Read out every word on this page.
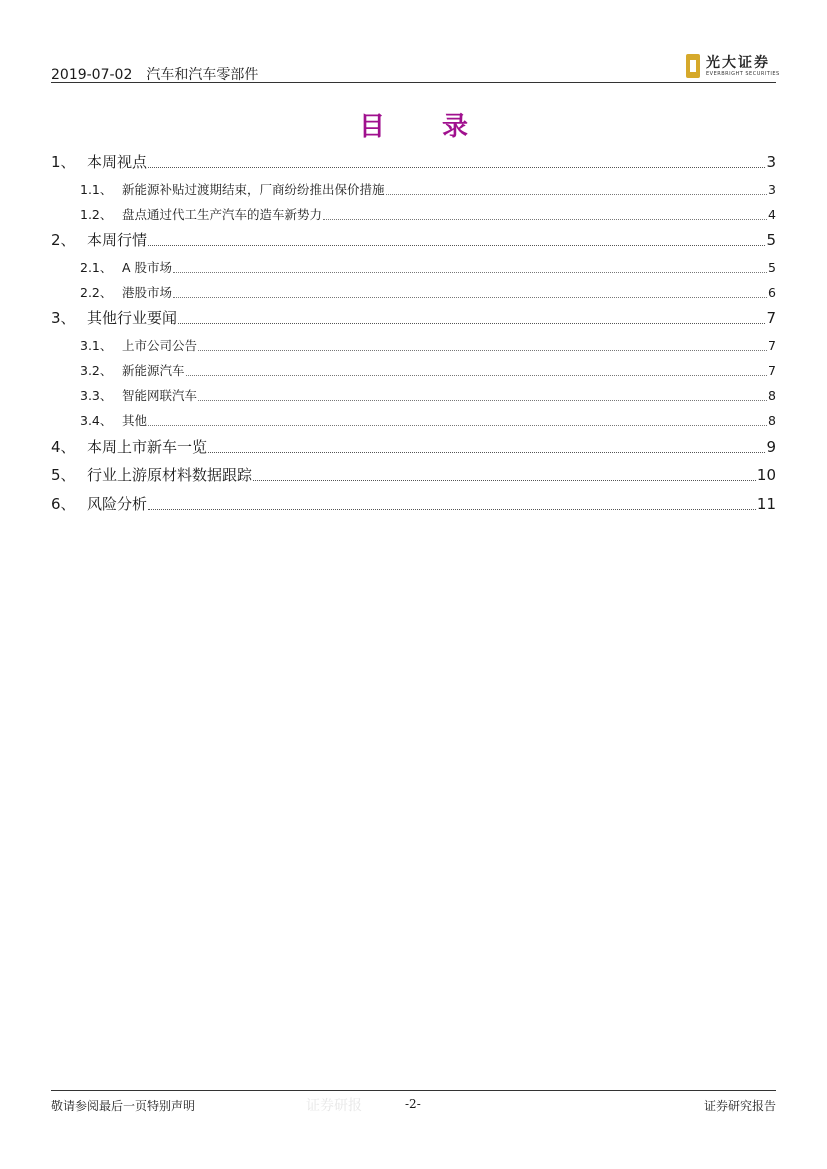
2019-07-02 汽车和汽车零部件
光大证券
EVERBRIGHT SECURITIES
目 录
1、 本周视点	3
1.1、 新能源补贴过渡期结束，厂商纷纷推出保价措施	3
1.2、 盘点通过代工生产汽车的造车新势力	4
2、 本周行情	5
2.1、 A 股市场	5
2.2、 港股市场	6
3、 其他行业要闻	7
3.1、 上市公司公告	7
3.2、 新能源汽车	7
3.3、 智能网联汽车	8
3.4、 其他	8
4、 本周上市新车一览	9
5、 行业上游原材料数据跟踪	10
6、 风险分析	11
敬请参阅最后一页特别声明	证券研报	-2-	证券研究报告
